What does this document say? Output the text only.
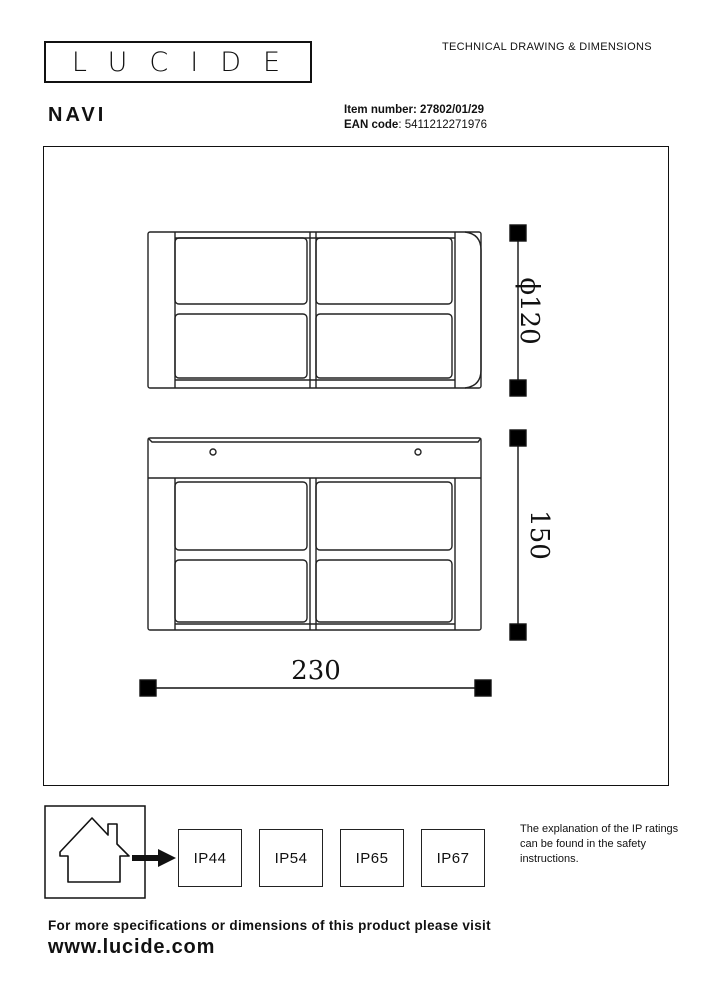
LUCIDE	TECHNICAL DRAWING & DIMENSIONS
NAVI	Item number: 27802/01/29
EAN code: 5411212271976
ϕ120
150
230
IP44	IP54	IP65	IP67
The explanation of the IP ratings can be found in the safety instructions.
For more specifications or dimensions of this product please visit
www.lucide.com
